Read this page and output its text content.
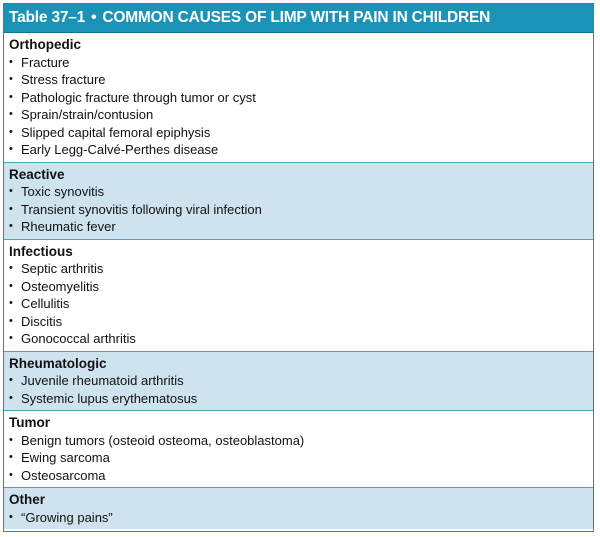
Table 37–1 • COMMON CAUSES OF LIMP WITH PAIN IN CHILDREN
Orthopedic
• Fracture
• Stress fracture
• Pathologic fracture through tumor or cyst
• Sprain/strain/contusion
• Slipped capital femoral epiphysis
• Early Legg-Calvé-Perthes disease
Reactive
• Toxic synovitis
• Transient synovitis following viral infection
• Rheumatic fever
Infectious
• Septic arthritis
• Osteomyelitis
• Cellulitis
• Discitis
• Gonococcal arthritis
Rheumatologic
• Juvenile rheumatoid arthritis
• Systemic lupus erythematosus
Tumor
• Benign tumors (osteoid osteoma, osteoblastoma)
• Ewing sarcoma
• Osteosarcoma
Other
• “Growing pains”
